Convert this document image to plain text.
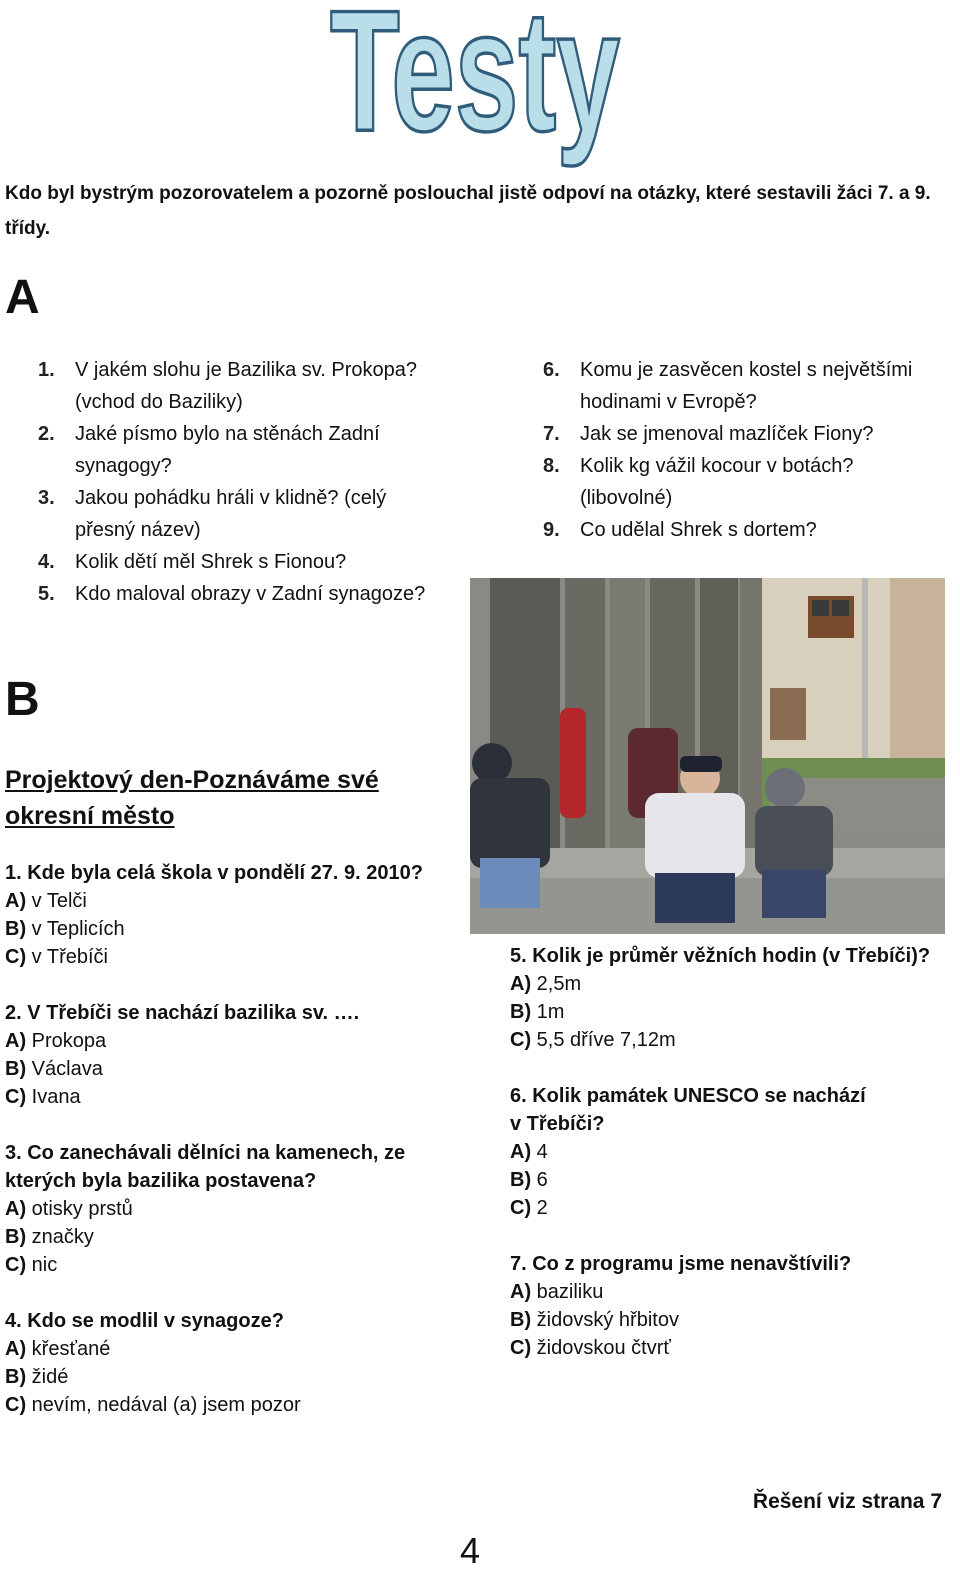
Testy
Kdo byl bystrým pozorovatelem a pozorně poslouchal jistě odpoví na otázky, které sestavili žáci 7. a 9. třídy.
A
1.	V jakém slohu je Bazilika sv. Prokopa? (vchod do Baziliky)
2.	Jaké písmo bylo na stěnách Zadní synagogy?
3.	Jakou pohádku hráli v klidně? (celý přesný název)
4.	Kolik dětí měl Shrek s Fionou?
5.	Kdo maloval obrazy v Zadní synagoze?
6.	Komu je zasvěcen kostel s největšími hodinami v Evropě?
7.	Jak se jmenoval mazlíček Fiony?
8.	Kolik kg vážil kocour v botách? (libovolné)
9.	Co udělal Shrek s dortem?
B
Projektový den-Poznáváme své okresní město
1. Kde byla celá škola v pondělí 27. 9. 2010?
A) v Telči
B) v Teplicích
C) v Třebíči
2. V Třebíči se nachází bazilika sv. ….
A) Prokopa
B) Václava
C) Ivana
3. Co zanechávali dělníci na kamenech, ze kterých byla bazilika postavena?
A) otisky prstů
B) značky
C) nic
4. Kdo se modlil v synagoze?
A) křesťané
B) židé
C) nevím, nedával (a) jsem pozor
5. Kolik je průměr věžních hodin (v Třebíči)?
A) 2,5m
B) 1m
C) 5,5 dříve 7,12m
6. Kolik památek UNESCO se nachází v Třebíči?
A) 4
B) 6
C) 2
7. Co z programu jsme nenavštívili?
A) baziliku
B) židovský hřbitov
C) židovskou čtvrť
Řešení viz strana 7
4
